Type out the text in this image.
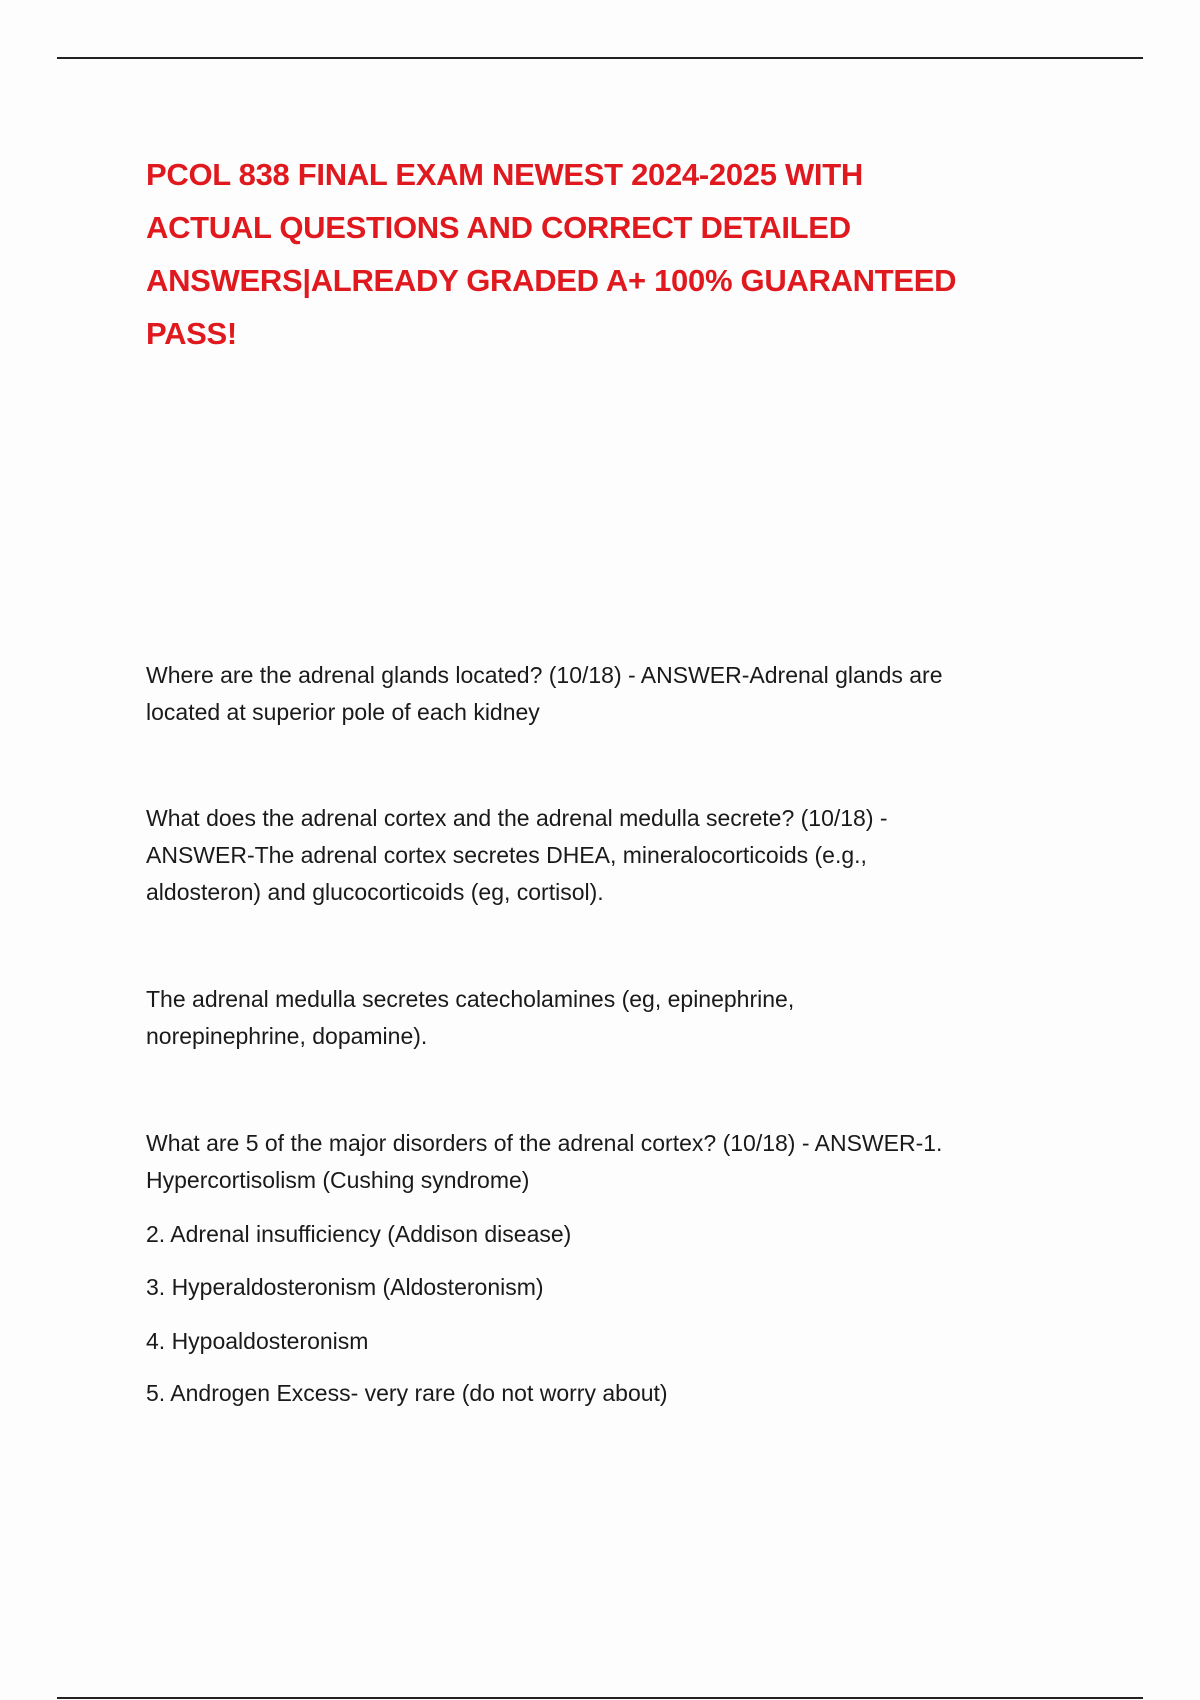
PCOL 838 FINAL EXAM NEWEST 2024-2025 WITH
ACTUAL QUESTIONS AND CORRECT DETAILED
ANSWERS|ALREADY GRADED A+ 100% GUARANTEED
PASS!
Where are the adrenal glands located? (10/18) - ANSWER-Adrenal glands are
located at superior pole of each kidney
What does the adrenal cortex and the adrenal medulla secrete? (10/18) -
ANSWER-The adrenal cortex secretes DHEA, mineralocorticoids (e.g.,
aldosteron) and glucocorticoids (eg, cortisol).
The adrenal medulla secretes catecholamines (eg, epinephrine,
norepinephrine, dopamine).
What are 5 of the major disorders of the adrenal cortex? (10/18) - ANSWER-1.
Hypercortisolism (Cushing syndrome)
2. Adrenal insufficiency (Addison disease)
3. Hyperaldosteronism (Aldosteronism)
4. Hypoaldosteronism
5. Androgen Excess- very rare (do not worry about)
